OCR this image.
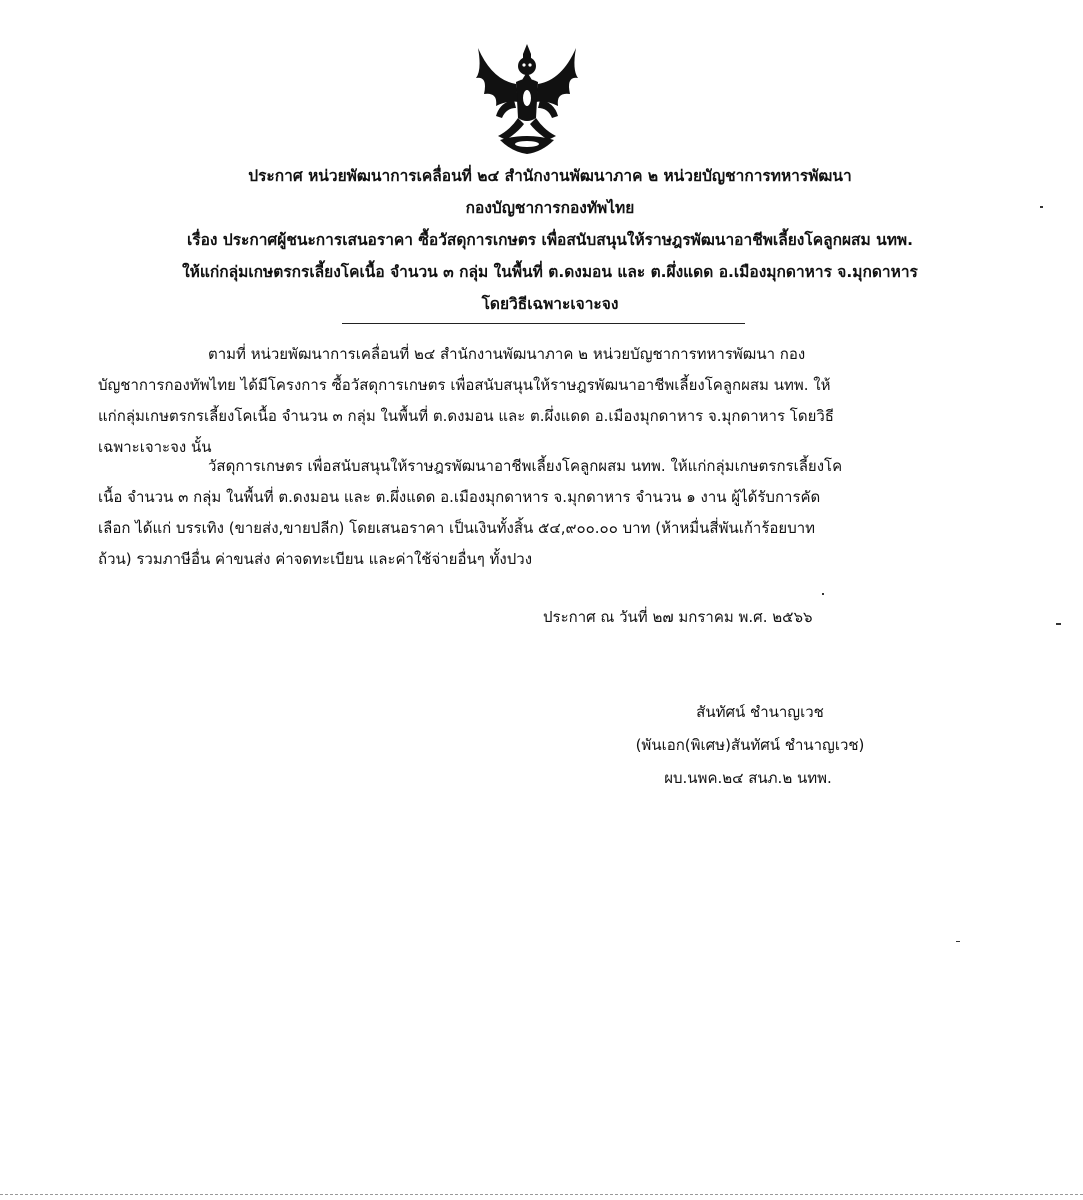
ประกาศ หน่วยพัฒนาการเคลื่อนที่ ๒๔ สำนักงานพัฒนาภาค ๒ หน่วยบัญชาการทหารพัฒนา
กองบัญชาการกองทัพไทย
เรื่อง ประกาศผู้ชนะการเสนอราคา ซื้อวัสดุการเกษตร เพื่อสนับสนุนให้ราษฎรพัฒนาอาชีพเลี้ยงโคลูกผสม นทพ.
ให้แก่กลุ่มเกษตรกรเลี้ยงโคเนื้อ จำนวน ๓ กลุ่ม ในพื้นที่ ต.ดงมอน และ ต.ผึ่งแดด อ.เมืองมุกดาหาร จ.มุกดาหาร
โดยวิธีเฉพาะเจาะจง
ตามที่ หน่วยพัฒนาการเคลื่อนที่ ๒๔ สำนักงานพัฒนาภาค ๒ หน่วยบัญชาการทหารพัฒนา กอง
บัญชาการกองทัพไทย ได้มีโครงการ ซื้อวัสดุการเกษตร เพื่อสนับสนุนให้ราษฎรพัฒนาอาชีพเลี้ยงโคลูกผสม นทพ. ให้
แก่กลุ่มเกษตรกรเลี้ยงโคเนื้อ จำนวน ๓ กลุ่ม ในพื้นที่ ต.ดงมอน และ ต.ผึ่งแดด อ.เมืองมุกดาหาร จ.มุกดาหาร โดยวิธี
เฉพาะเจาะจง นั้น
วัสดุการเกษตร เพื่อสนับสนุนให้ราษฎรพัฒนาอาชีพเลี้ยงโคลูกผสม นทพ. ให้แก่กลุ่มเกษตรกรเลี้ยงโค
เนื้อ จำนวน ๓ กลุ่ม ในพื้นที่ ต.ดงมอน และ ต.ผึ่งแดด อ.เมืองมุกดาหาร จ.มุกดาหาร จำนวน ๑ งาน ผู้ได้รับการคัด
เลือก ได้แก่ บรรเทิง (ขายส่ง,ขายปลีก) โดยเสนอราคา เป็นเงินทั้งสิ้น ๕๔,๙๐๐.๐๐ บาท (ห้าหมื่นสี่พันเก้าร้อยบาท
ถ้วน) รวมภาษีอื่น ค่าขนส่ง ค่าจดทะเบียน และค่าใช้จ่ายอื่นๆ ทั้งปวง
ประกาศ ณ วันที่ ๒๗ มกราคม พ.ศ. ๒๕๖๖
สันทัศน์ ชำนาญเวช
(พันเอก(พิเศษ)สันทัศน์ ชำนาญเวช)
ผบ.นพค.๒๔ สนภ.๒ นทพ.
